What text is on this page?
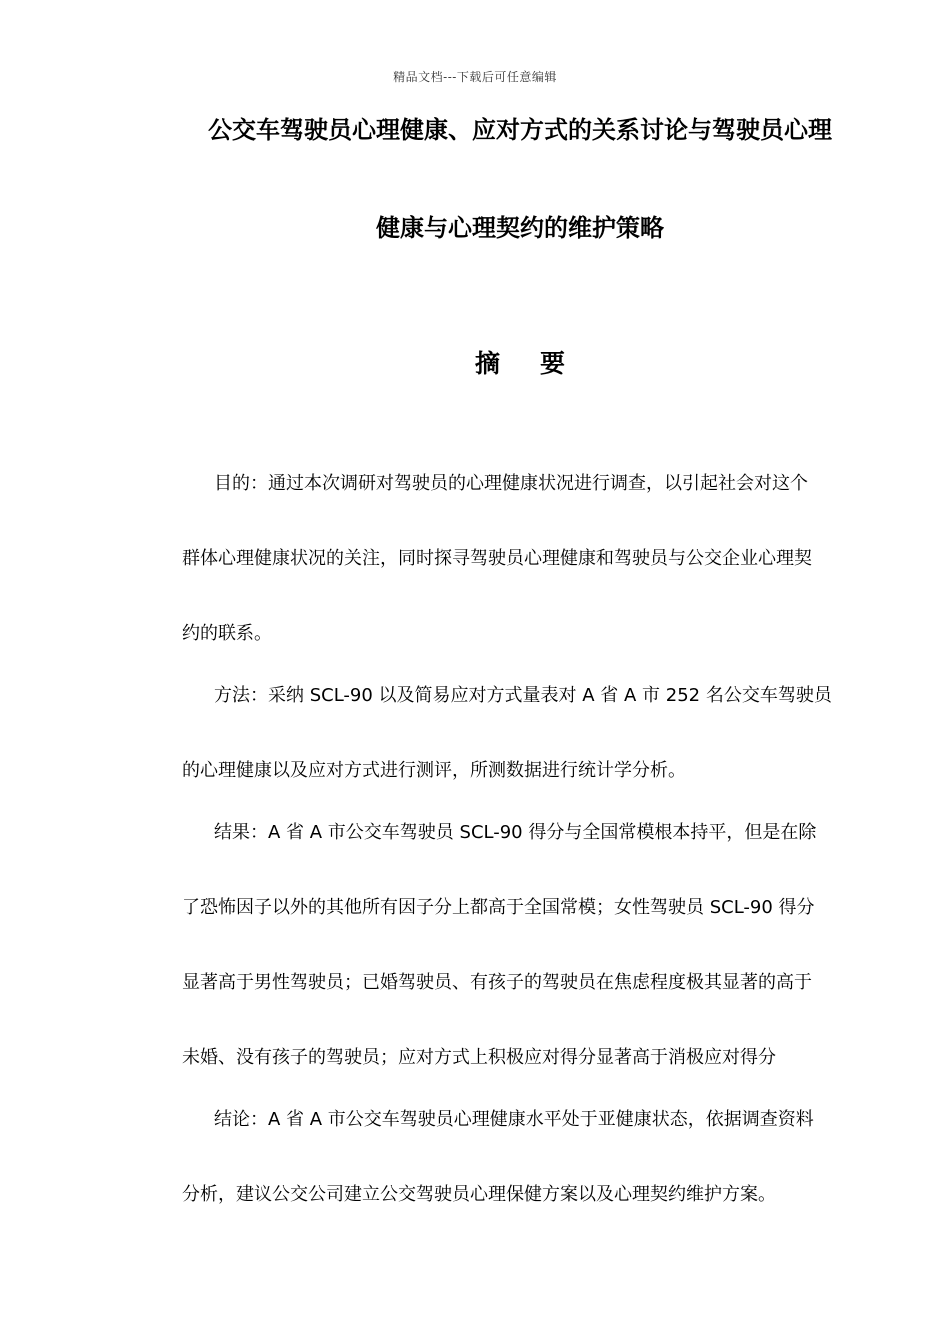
精品文档---下载后可任意编辑
公交车驾驶员心理健康、应对方式的关系讨论与驾驶员心理
健康与心理契约的维护策略
摘要
目的：通过本次调研对驾驶员的心理健康状况进行调查，以引起社会对这个
群体心理健康状况的关注，同时探寻驾驶员心理健康和驾驶员与公交企业心理契
约的联系。
方法：采纳 SCL-90 以及简易应对方式量表对 A 省 A 市 252 名公交车驾驶员
的心理健康以及应对方式进行测评，所测数据进行统计学分析。
结果：A 省 A 市公交车驾驶员 SCL-90 得分与全国常模根本持平，但是在除
了恐怖因子以外的其他所有因子分上都高于全国常模；女性驾驶员 SCL-90 得分
显著高于男性驾驶员；已婚驾驶员、有孩子的驾驶员在焦虑程度极其显著的高于
未婚、没有孩子的驾驶员；应对方式上积极应对得分显著高于消极应对得分
结论：A 省 A 市公交车驾驶员心理健康水平处于亚健康状态，依据调查资料
分析，建议公交公司建立公交驾驶员心理保健方案以及心理契约维护方案。
